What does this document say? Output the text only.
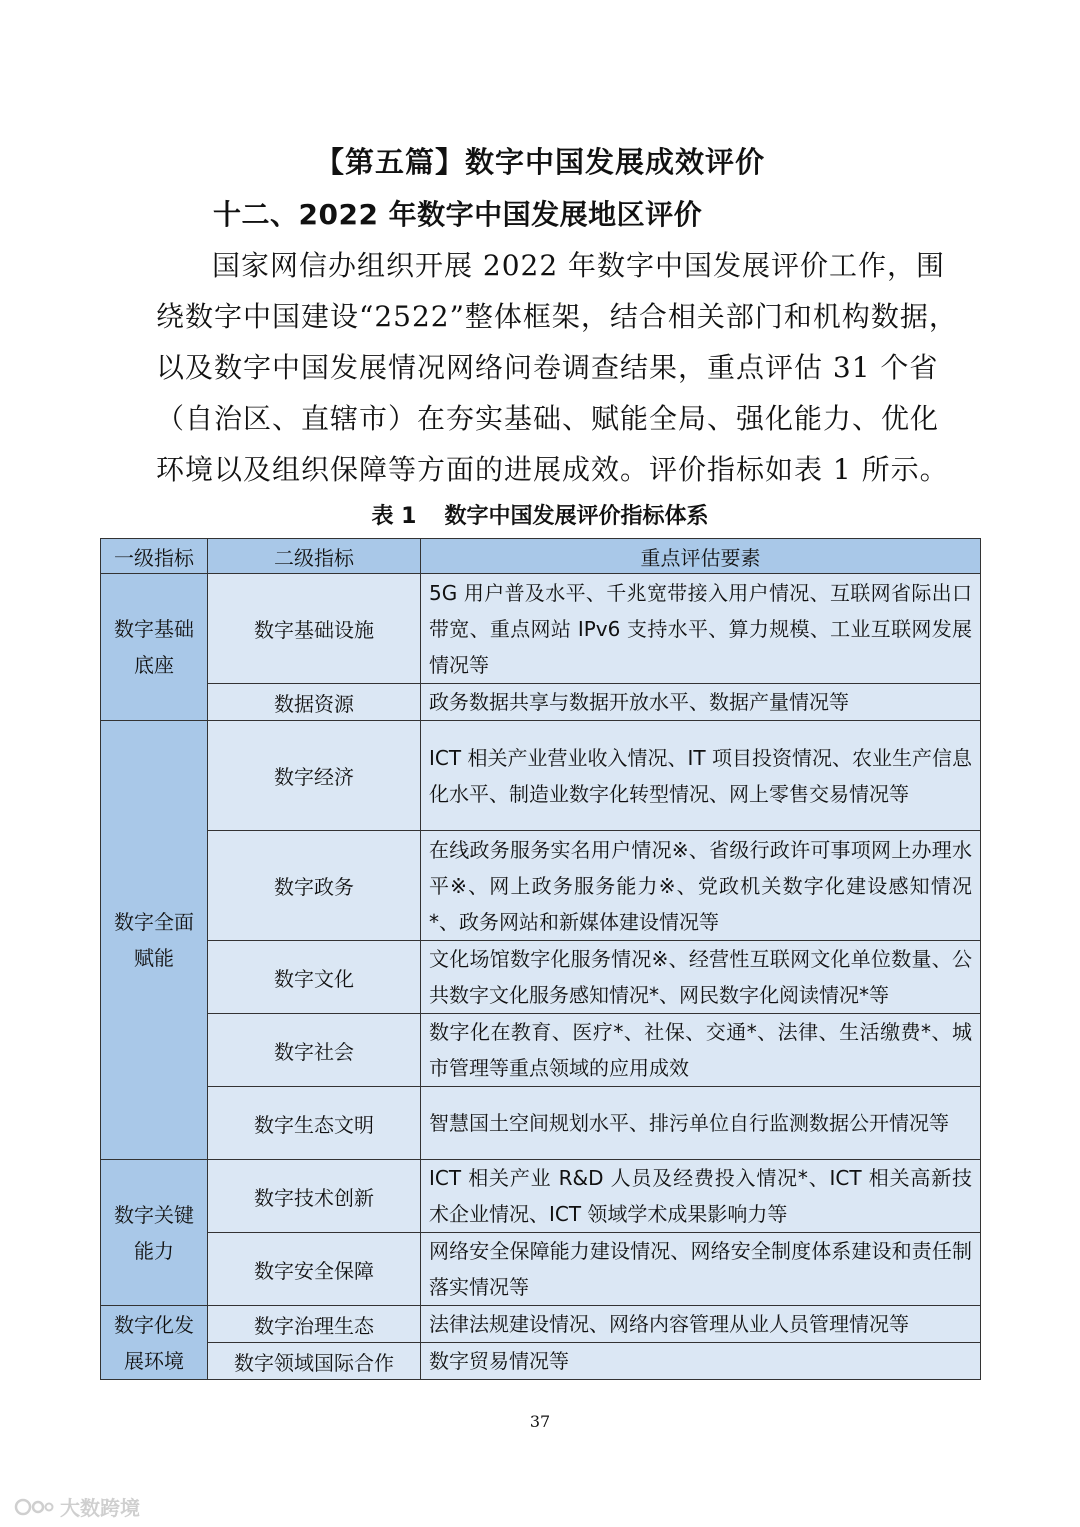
【第五篇】数字中国发展成效评价
十二、2022 年数字中国发展地区评价
国家网信办组织开展 2022 年数字中国发展评价工作，围
绕数字中国建设“2522”整体框架，结合相关部门和机构数据，
以及数字中国发展情况网络问卷调查结果，重点评估 31 个省
（自治区、直辖市）在夯实基础、赋能全局、强化能力、优化
环境以及组织保障等方面的进展成效。评价指标如表 1 所示。
表 1 数字中国发展评价指标体系
一级指标	二级指标	重点评估要素
数字基础底座	数字基础设施	5G 用户普及水平、千兆宽带接入用户情况、互联网省际出口带宽、重点网站 IPv6 支持水平、算力规模、工业互联网发展情况等
	数据资源	政务数据共享与数据开放水平、数据产量情况等
数字全面赋能	数字经济	ICT 相关产业营业收入情况、IT 项目投资情况、农业生产信息化水平、制造业数字化转型情况、网上零售交易情况等
	数字政务	在线政务服务实名用户情况※、省级行政许可事项网上办理水平※、网上政务服务能力※、党政机关数字化建设感知情况*、政务网站和新媒体建设情况等
	数字文化	文化场馆数字化服务情况※、经营性互联网文化单位数量、公共数字文化服务感知情况*、网民数字化阅读情况*等
	数字社会	数字化在教育、医疗*、社保、交通*、法律、生活缴费*、城市管理等重点领域的应用成效
	数字生态文明	智慧国土空间规划水平、排污单位自行监测数据公开情况等
数字关键能力	数字技术创新	ICT 相关产业 R&D 人员及经费投入情况*、ICT 相关高新技术企业情况、ICT 领域学术成果影响力等
	数字安全保障	网络安全保障能力建设情况、网络安全制度体系建设和责任制落实情况等
数字化发展环境	数字治理生态	法律法规建设情况、网络内容管理从业人员管理情况等
	数字领域国际合作	数字贸易情况等
37
大数跨境
